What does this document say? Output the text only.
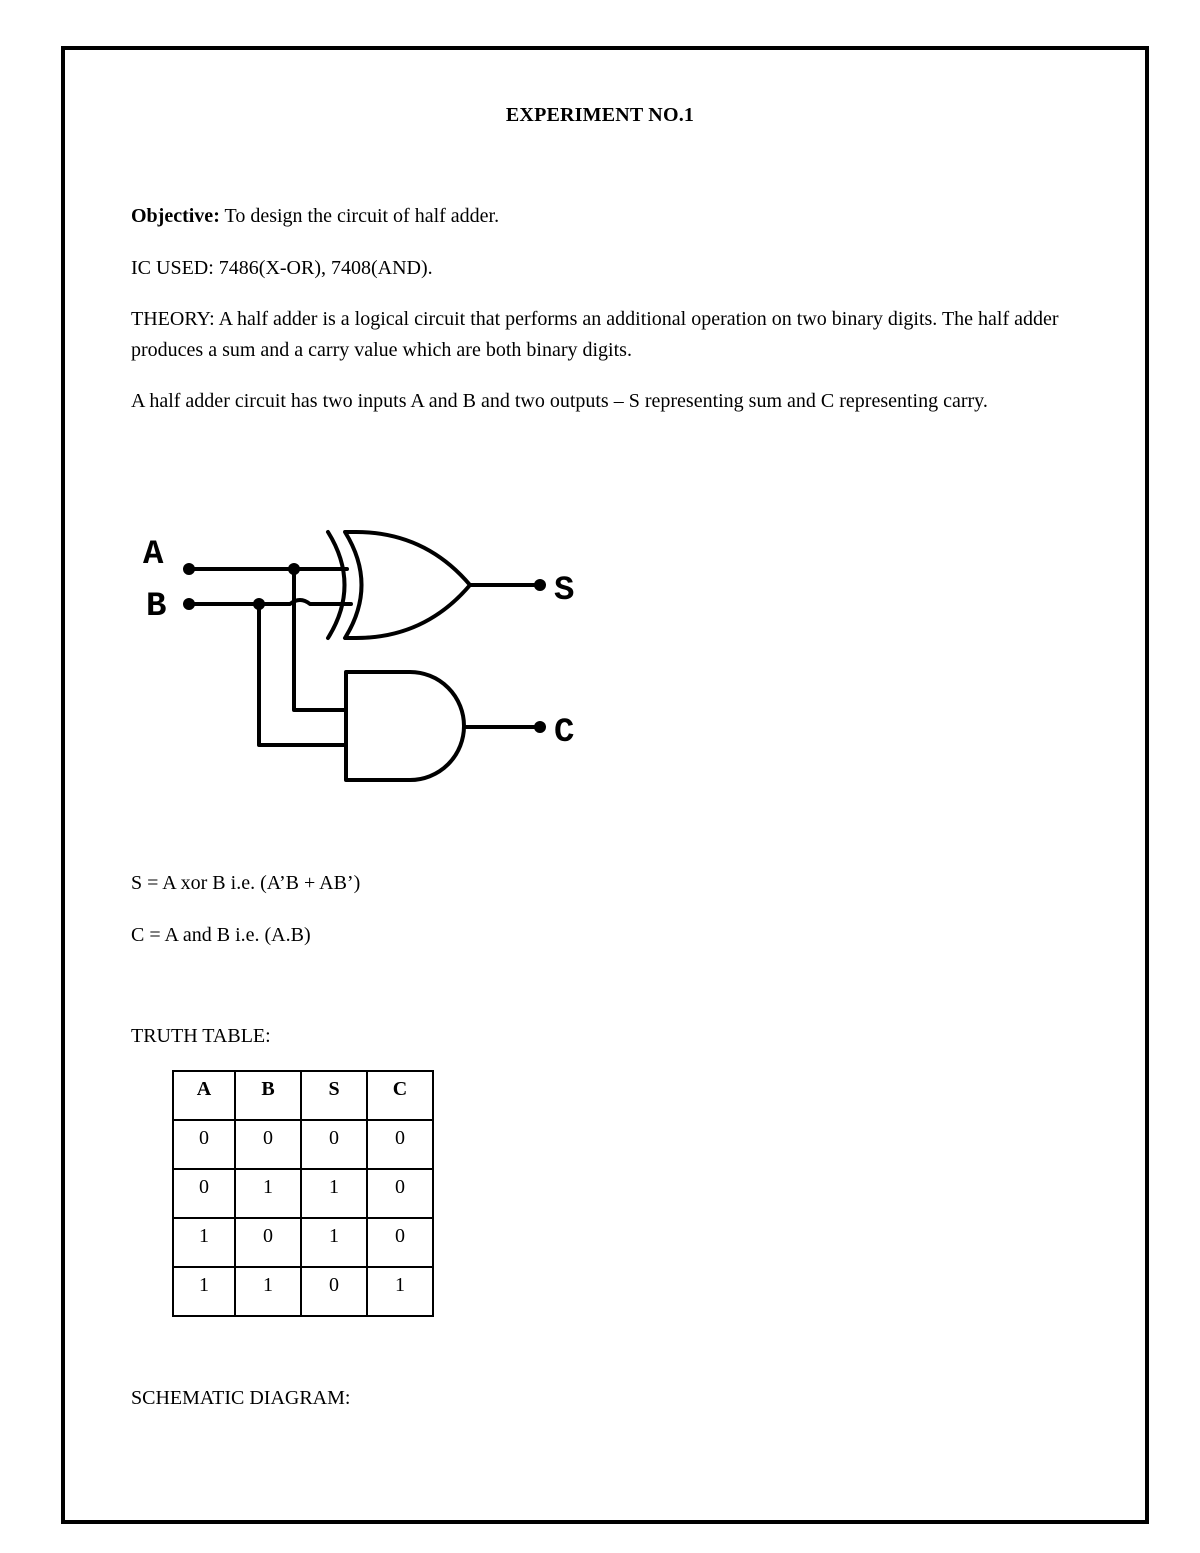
EXPERIMENT NO.1

Objective: To design the circuit of half adder.

IC USED: 7486(X-OR), 7408(AND).

THEORY: A half adder is a logical circuit that performs an additional operation on two binary digits. The half adder produces a sum and a carry value which are both binary digits.

A half adder circuit has two inputs A and B and two outputs – S representing sum and C representing carry.

A
B	S
C

S = A xor B i.e. (A’B + AB’)

C = A and B i.e. (A.B)

TRUTH TABLE:

A	B	S	C
0	0	0	0
0	1	1	0
1	0	1	0
1	1	0	1

SCHEMATIC DIAGRAM:
